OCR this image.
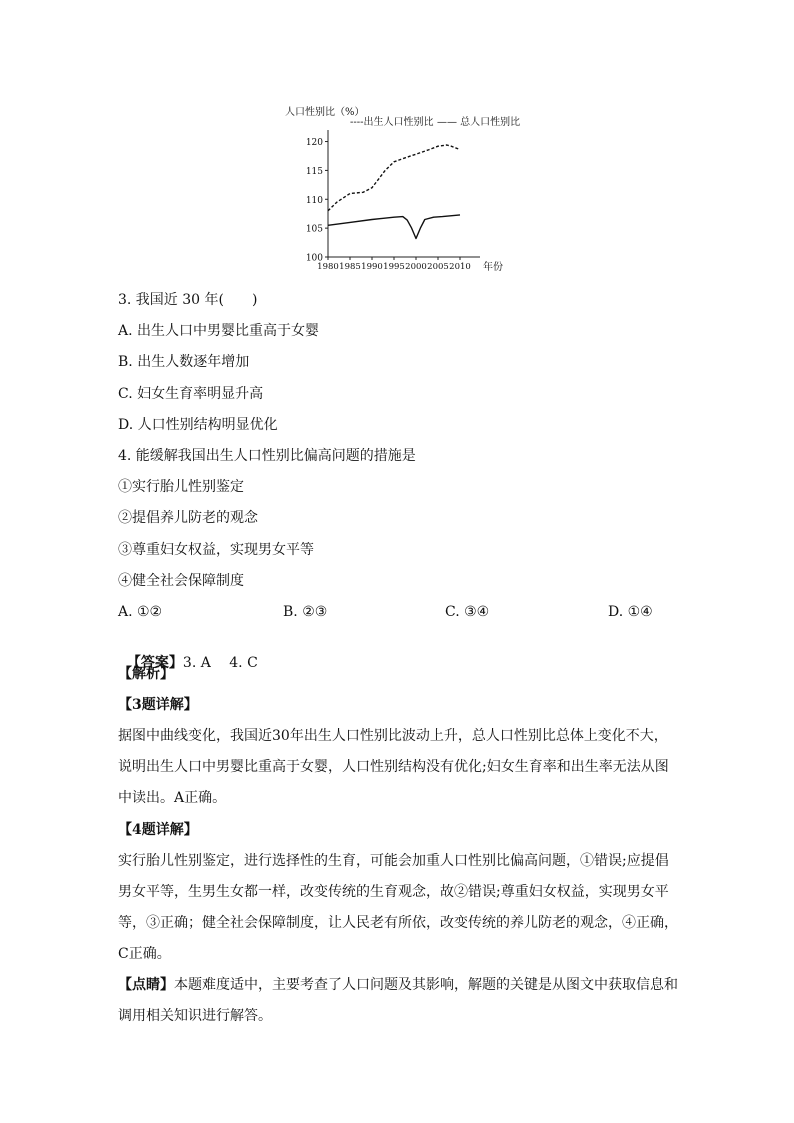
人口性别比（%）
----出生人口性别比 —— 总人口性别比
100
105
110
115
120
1980 1985 1990 1995 2000 2005 2010 年份
3. 我国近 30 年(　　)
A. 出生人口中男婴比重高于女婴
B. 出生人数逐年增加
C. 妇女生育率明显升高
D. 人口性别结构明显优化
4. 能缓解我国出生人口性别比偏高问题的措施是
①实行胎儿性别鉴定
②提倡养儿防老的观念
③尊重妇女权益，实现男女平等
④健全社会保障制度
A. ①②	B. ②③	C. ③④	D. ①④

【答案】3. A　 4. C

【解析】
【3题详解】
据图中曲线变化，我国近30年出生人口性别比波动上升，总人口性别比总体上变化不大，说明出生人口中男婴比重高于女婴，人口性别结构没有优化;妇女生育率和出生率无法从图中读出。A正确。
【4题详解】
实行胎儿性别鉴定，进行选择性的生育，可能会加重人口性别比偏高问题，①错误;应提倡男女平等，生男生女都一样，改变传统的生育观念，故②错误;尊重妇女权益，实现男女平等，③正确；健全社会保障制度，让人民老有所依，改变传统的养儿防老的观念，④正确，C正确。
【点睛】本题难度适中，主要考查了人口问题及其影响，解题的关键是从图文中获取信息和调用相关知识进行解答。
